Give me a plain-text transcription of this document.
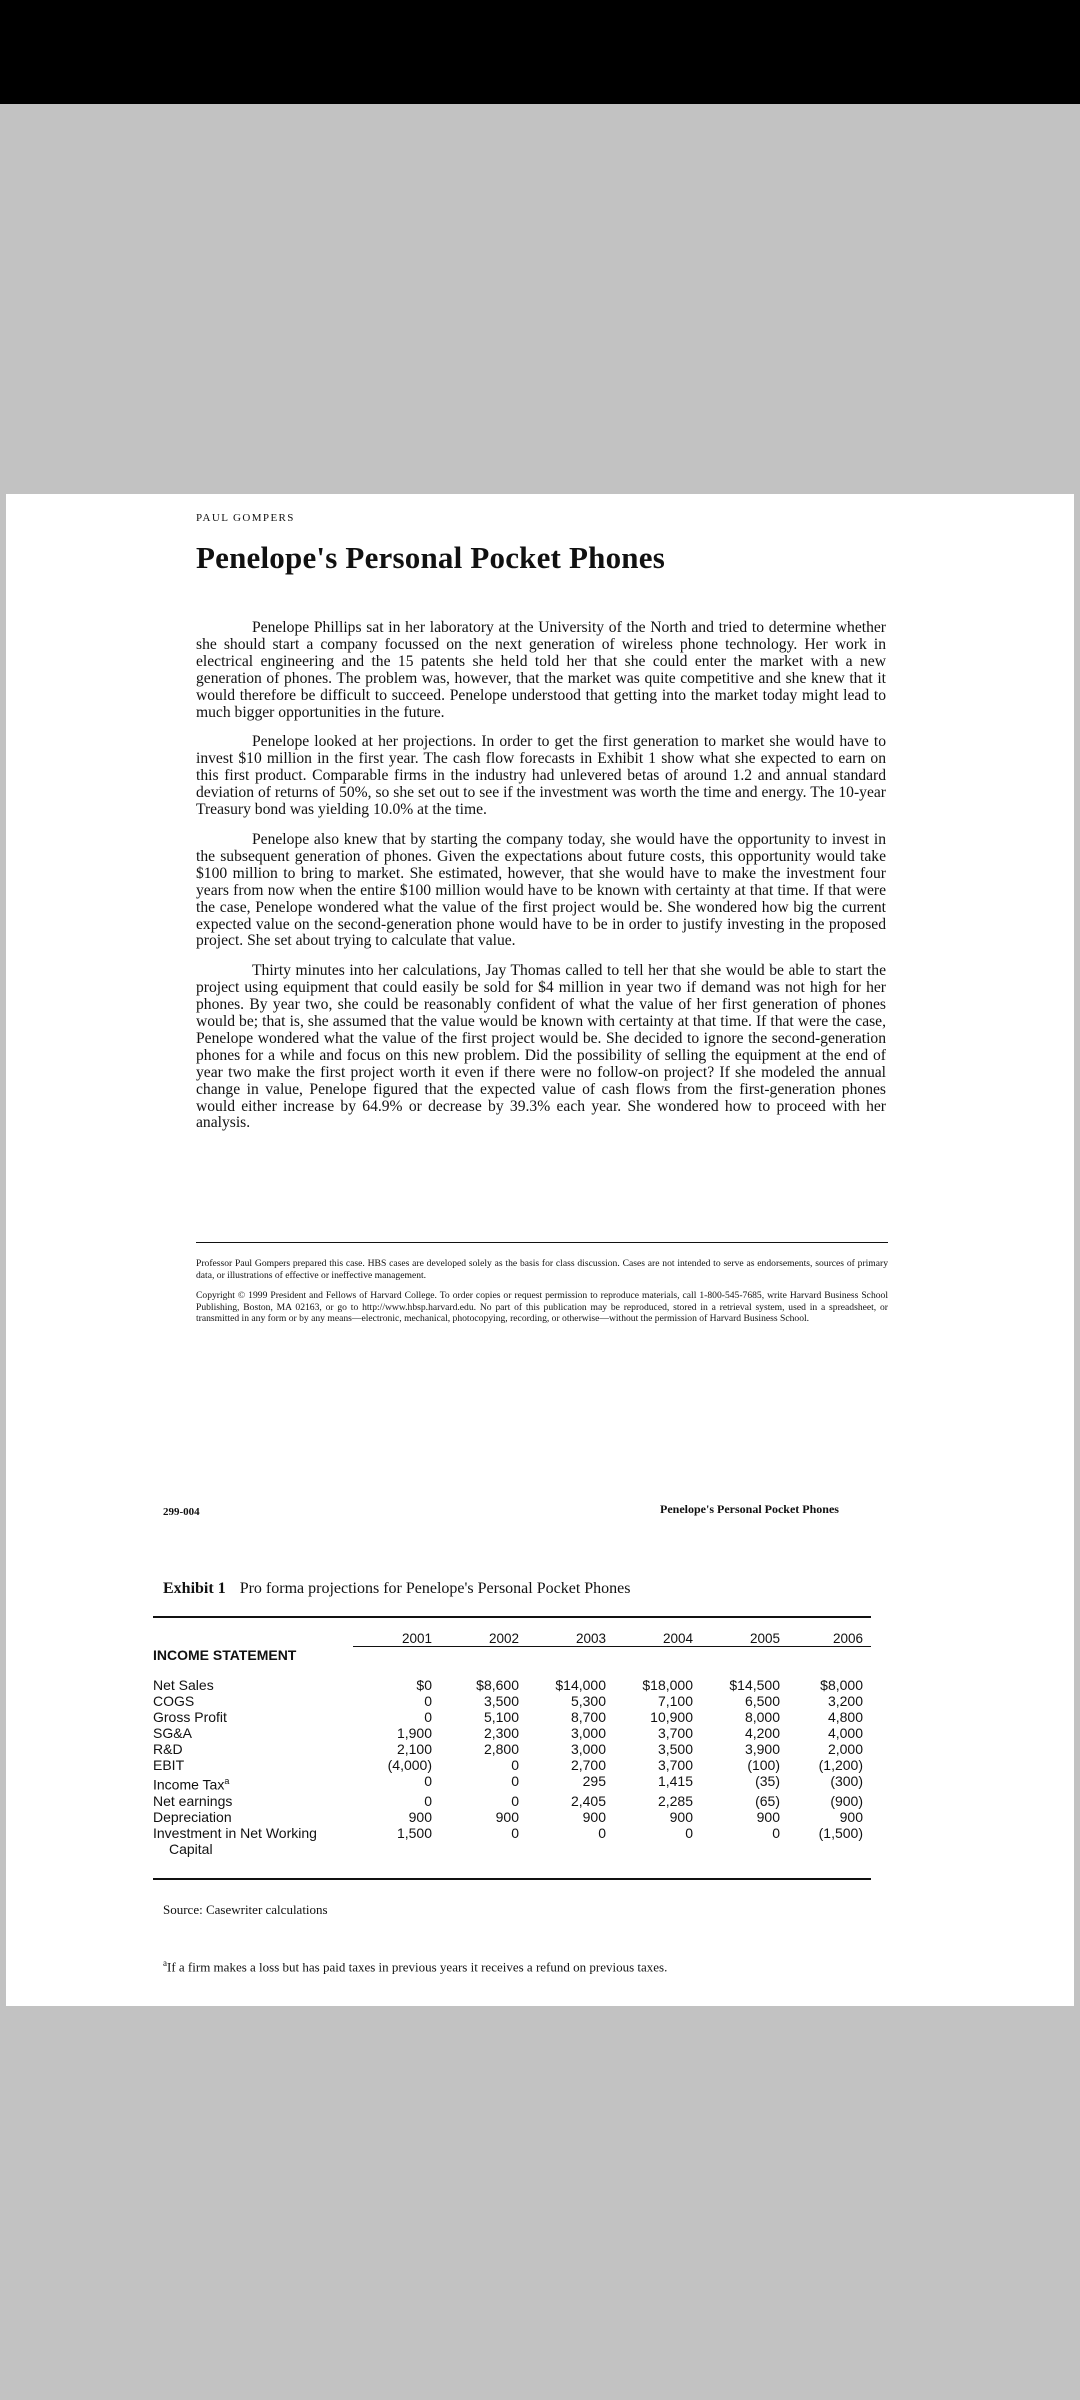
PAUL GOMPERS
Penelope's Personal Pocket Phones

Penelope Phillips sat in her laboratory at the University of the North and tried to determine whether she should start a company focussed on the next generation of wireless phone technology. Her work in electrical engineering and the 15 patents she held told her that she could enter the market with a new generation of phones. The problem was, however, that the market was quite competitive and she knew that it would therefore be difficult to succeed. Penelope understood that getting into the market today might lead to much bigger opportunities in the future.

Penelope looked at her projections. In order to get the first generation to market she would have to invest $10 million in the first year. The cash flow forecasts in Exhibit 1 show what she expected to earn on this first product. Comparable firms in the industry had unlevered betas of around 1.2 and annual standard deviation of returns of 50%, so she set out to see if the investment was worth the time and energy. The 10-year Treasury bond was yielding 10.0% at the time.

Penelope also knew that by starting the company today, she would have the opportunity to invest in the subsequent generation of phones. Given the expectations about future costs, this opportunity would take $100 million to bring to market. She estimated, however, that she would have to make the investment four years from now when the entire $100 million would have to be known with certainty at that time. If that were the case, Penelope wondered what the value of the first project would be. She wondered how big the current expected value on the second-generation phone would have to be in order to justify investing in the proposed project. She set about trying to calculate that value.

Thirty minutes into her calculations, Jay Thomas called to tell her that she would be able to start the project using equipment that could easily be sold for $4 million in year two if demand was not high for her phones. By year two, she could be reasonably confident of what the value of her first generation of phones would be; that is, she assumed that the value would be known with certainty at that time. If that were the case, Penelope wondered what the value of the first project would be. She decided to ignore the second-generation phones for a while and focus on this new problem. Did the possibility of selling the equipment at the end of year two make the first project worth it even if there were no follow-on project? If she modeled the annual change in value, Penelope figured that the expected value of cash flows from the first-generation phones would either increase by 64.9% or decrease by 39.3% each year. She wondered how to proceed with her analysis.

Professor Paul Gompers prepared this case. HBS cases are developed solely as the basis for class discussion. Cases are not intended to serve as endorsements, sources of primary data, or illustrations of effective or ineffective management.

Copyright © 1999 President and Fellows of Harvard College. To order copies or request permission to reproduce materials, call 1-800-545-7685, write Harvard Business School Publishing, Boston, MA 02163, or go to http://www.hbsp.harvard.edu. No part of this publication may be reproduced, stored in a retrieval system, used in a spreadsheet, or transmitted in any form or by any means—electronic, mechanical, photocopying, recording, or otherwise—without the permission of Harvard Business School.

299-004	Penelope's Personal Pocket Phones
Exhibit 1 Pro forma projections for Penelope's Personal Pocket Phones
	2001	2002	2003	2004	2005	2006
INCOME STATEMENT						
Net Sales	$0	$8,600	$14,000	$18,000	$14,500	$8,000
COGS	0	3,500	5,300	7,100	6,500	3,200
Gross Profit	0	5,100	8,700	10,900	8,000	4,800
SG&A	1,900	2,300	3,000	3,700	4,200	4,000
R&D	2,100	2,800	3,000	3,500	3,900	2,000
EBIT	(4,000)	0	2,700	3,700	(100)	(1,200)
Income Tax$^a$	0	0	295	1,415	(35)	(300)
Net earnings	0	0	2,405	2,285	(65)	(900)
Depreciation	900	900	900	900	900	900
Investment in Net Working	1,500	0	0	0	0	(1,500)
Capital						
Source: Casewriter calculations
$^a$If a firm makes a loss but has paid taxes in previous years it receives a refund on previous taxes.
